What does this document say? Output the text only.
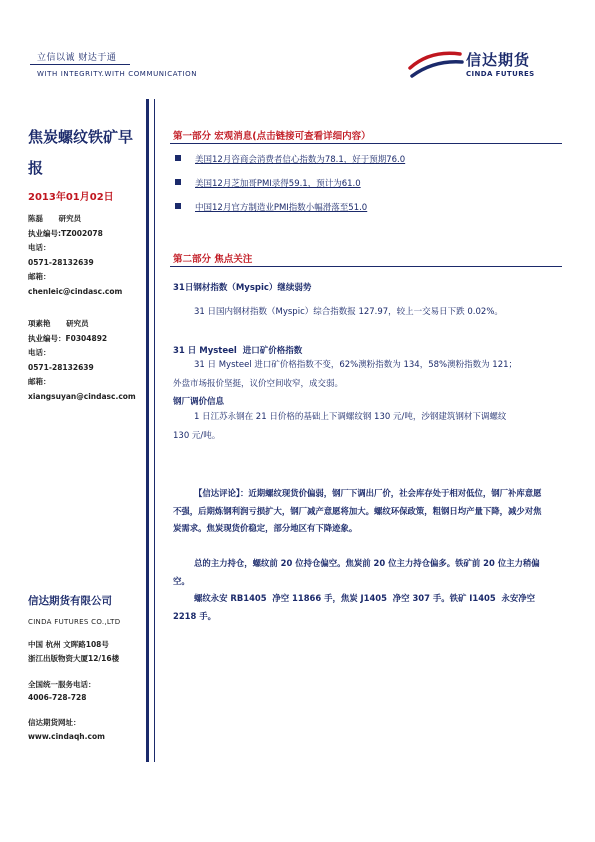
立信以诚 财达于通
WITH INTEGRITY.WITH COMMUNICATION
信达期货
CINDA FUTURES
焦炭螺纹铁矿早报
2013年01月02日
陈磊      研究员
执业编号:TZ002078
电话：
0571-28132639
邮箱：
chenleic@cindasc.com
项素艳      研究员
执业编号：F0304892
电话：
0571-28132639
邮箱：
xiangsuyan@cindasc.com
信达期货有限公司
CINDA FUTURES CO.,LTD
中国 杭州 文晖路108号
浙江出版物资大厦12/16楼
全国统一服务电话：
4006-728-728
信达期货网址：
www.cindaqh.com
第一部分 宏观消息(点击链接可查看详细内容）
美国12月咨商会消费者信心指数为78.1，好于预期76.0
美国12月芝加哥PMI录得59.1，预计为61.0
中国12月官方制造业PMI指数小幅滑落至51.0
第二部分 焦点关注
31日钢材指数（Myspic）继续弱势
31 日国内钢材指数（Myspic）综合指数报 127.97，较上一交易日下跌 0.02%。
31 日 Mysteel  进口矿价格指数
31 日 Mysteel 进口矿价格指数不变，62%澳粉指数为 134，58%澳粉指数为 121；外盘市场报价坚挺，议价空间收窄，成交弱。
钢厂调价信息
1 日江苏永钢在 21 日价格的基础上下调螺纹钢 130 元/吨，沙钢建筑钢材下调螺纹 130 元/吨。
【信达评论】：近期螺纹现货价偏弱，钢厂下调出厂价，社会库存处于相对低位，钢厂补库意愿不强，后期炼钢利润亏损扩大，钢厂减产意愿将加大。螺纹环保政策，粗钢日均产量下降，减少对焦炭需求。焦炭现货价稳定，部分地区有下降迹象。
总的主力持仓，螺纹前 20 位持仓偏空。焦炭前 20 位主力持仓偏多。铁矿前 20 位主力稍偏空。
螺纹永安 RB1405  净空 11866 手，焦炭 J1405  净空 307 手。铁矿 I1405  永安净空 2218 手。
